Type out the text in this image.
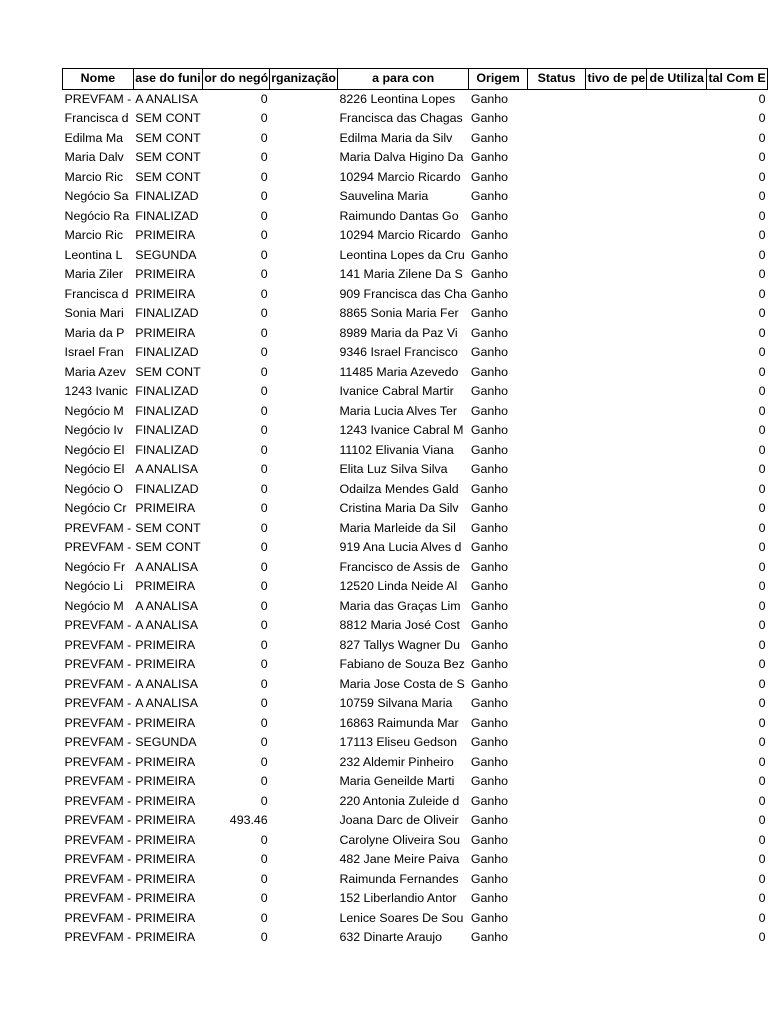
Nome	ase do funi	or do negó	rganização	a para con	Origem	Status	tivo de pe	de Utiliza	tal Com E
PREVFAM -	A ANALISA	0		8226 Leontina Lopes	Ganho				0
Francisca d	SEM CONT	0		Francisca das Chagas	Ganho				0
Edilma Ma	SEM CONT	0		Edilma Maria da Silv	Ganho				0
Maria Dalv	SEM CONT	0		Maria Dalva Higino Da	Ganho				0
Marcio Ric	SEM CONT	0		10294 Marcio Ricardo	Ganho				0
Negócio Sa	FINALIZAD	0		Sauvelina Maria	Ganho				0
Negócio Ra	FINALIZAD	0		Raimundo Dantas Go	Ganho				0
Marcio Ric	PRIMEIRA	0		10294 Marcio Ricardo	Ganho				0
Leontina L	SEGUNDA	0		Leontina Lopes da Cru	Ganho				0
Maria Ziler	PRIMEIRA	0		141 Maria Zilene Da S	Ganho				0
Francisca d	PRIMEIRA	0		909 Francisca das Cha	Ganho				0
Sonia Mari	FINALIZAD	0		8865 Sonia Maria Fer	Ganho				0
Maria da P	PRIMEIRA	0		8989 Maria da Paz Vi	Ganho				0
Israel Fran	FINALIZAD	0		9346 Israel Francisco	Ganho				0
Maria Azev	SEM CONT	0		11485 Maria Azevedo	Ganho				0
1243 Ivanic	FINALIZAD	0		Ivanice Cabral Martir	Ganho				0
Negócio M	FINALIZAD	0		Maria Lucia Alves Ter	Ganho				0
Negócio Iv	FINALIZAD	0		1243 Ivanice Cabral M	Ganho				0
Negócio El	FINALIZAD	0		11102 Elivania Viana	Ganho				0
Negócio El	A ANALISA	0		Elita Luz Silva Silva	Ganho				0
Negócio O	FINALIZAD	0		Odailza Mendes Gald	Ganho				0
Negócio Cr	PRIMEIRA	0		Cristina Maria Da Silv	Ganho				0
PREVFAM -	SEM CONT	0		Maria Marleide da Sil	Ganho				0
PREVFAM -	SEM CONT	0		919 Ana Lucia Alves d	Ganho				0
Negócio Fr	A ANALISA	0		Francisco de Assis de	Ganho				0
Negócio Li	PRIMEIRA	0		12520 Linda Neide Al	Ganho				0
Negócio M	A ANALISA	0		Maria das Graças Lim	Ganho				0
PREVFAM -	A ANALISA	0		8812 Maria José Cost	Ganho				0
PREVFAM -	PRIMEIRA	0		827 Tallys Wagner Du	Ganho				0
PREVFAM -	PRIMEIRA	0		Fabiano de Souza Bez	Ganho				0
PREVFAM -	A ANALISA	0		Maria Jose Costa de S	Ganho				0
PREVFAM -	A ANALISA	0		10759 Silvana Maria	Ganho				0
PREVFAM -	PRIMEIRA	0		16863 Raimunda Mar	Ganho				0
PREVFAM -	SEGUNDA	0		17113 Eliseu Gedson	Ganho				0
PREVFAM -	PRIMEIRA	0		232 Aldemir Pinheiro	Ganho				0
PREVFAM -	PRIMEIRA	0		Maria Geneilde Marti	Ganho				0
PREVFAM -	PRIMEIRA	0		220 Antonia Zuleide d	Ganho				0
PREVFAM -	PRIMEIRA	493.46		Joana Darc de Oliveir	Ganho				0
PREVFAM -	PRIMEIRA	0		Carolyne Oliveira Sou	Ganho				0
PREVFAM -	PRIMEIRA	0		482 Jane Meire Paiva	Ganho				0
PREVFAM -	PRIMEIRA	0		Raimunda Fernandes	Ganho				0
PREVFAM -	PRIMEIRA	0		152 Liberlandio Antor	Ganho				0
PREVFAM -	PRIMEIRA	0		Lenice Soares De Sou	Ganho				0
PREVFAM -	PRIMEIRA	0		632 Dinarte Araujo	Ganho				0
